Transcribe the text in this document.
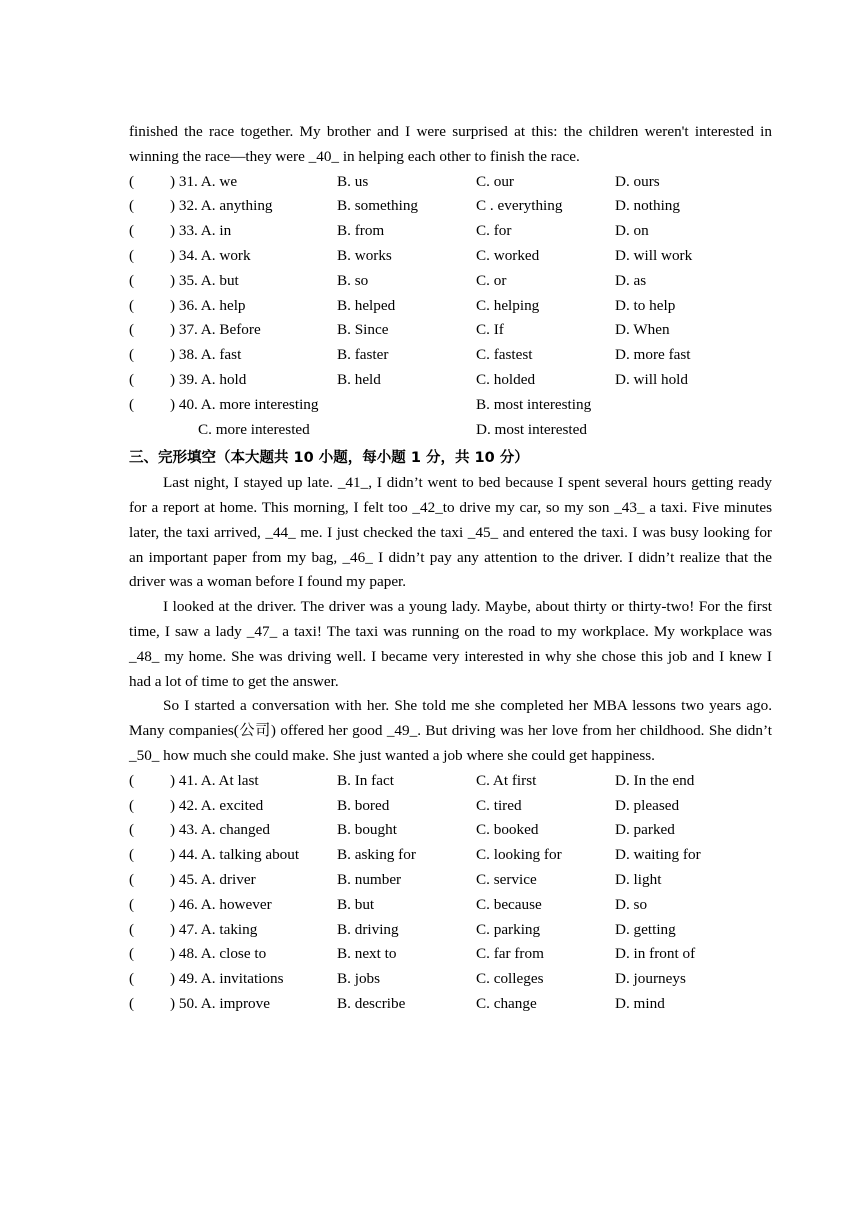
finished the race together. My brother and I were surprised at this: the children weren't interested in winning the race—they were _40_ in helping each other to finish the race.

(	) 31. A. we	B. us	C. our	D. ours
(	) 32. A. anything	B. something	C . everything	D. nothing
(	) 33. A. in	B. from	C. for	D. on
(	) 34. A. work	B. works	C. worked	D. will work
(	) 35. A. but	B. so	C. or	D. as
(	) 36. A. help	B. helped	C. helping	D. to help
(	) 37. A. Before	B. Since	C. If	D. When
(	) 38. A. fast	B. faster	C. fastest	D. more fast
(	) 39. A. hold	B. held	C. holded	D. will hold
(	) 40. A. more interesting	B. most interesting
C. more interested	D. most interested

三、完形填空（本大题共 10 小题，每小题 1 分，共 10 分）

Last night, I stayed up late. _41_, I didn’t went to bed because I spent several hours getting ready for a report at home. This morning, I felt too _42_to drive my car, so my son _43_ a taxi. Five minutes later, the taxi arrived, _44_ me. I just checked the taxi _45_ and entered the taxi. I was busy looking for an important paper from my bag, _46_ I didn’t pay any attention to the driver. I didn’t realize that the driver was a woman before I found my paper.

I looked at the driver. The driver was a young lady. Maybe, about thirty or thirty-two! For the first time, I saw a lady _47_ a taxi! The taxi was running on the road to my workplace. My workplace was _48_ my home. She was driving well. I became very interested in why she chose this job and I knew I had a lot of time to get the answer.

So I started a conversation with her. She told me she completed her MBA lessons two years ago. Many companies(公司) offered her good _49_. But driving was her love from her childhood. She didn’t _50_ how much she could make. She just wanted a job where she could get happiness.

(	) 41. A. At last	B. In fact	C. At first	D. In the end
(	) 42. A. excited	B. bored	C. tired	D. pleased
(	) 43. A. changed	B. bought	C. booked	D. parked
(	) 44. A. talking about	B. asking for	C. looking for	D. waiting for
(	) 45. A. driver	B. number	C. service	D. light
(	) 46. A. however	B. but	C. because	D. so
(	) 47. A. taking	B. driving	C. parking	D. getting
(	) 48. A. close to	B. next to	C. far from	D. in front of
(	) 49. A. invitations	B. jobs	C. colleges	D. journeys
(	) 50. A. improve	B. describe	C. change	D. mind
